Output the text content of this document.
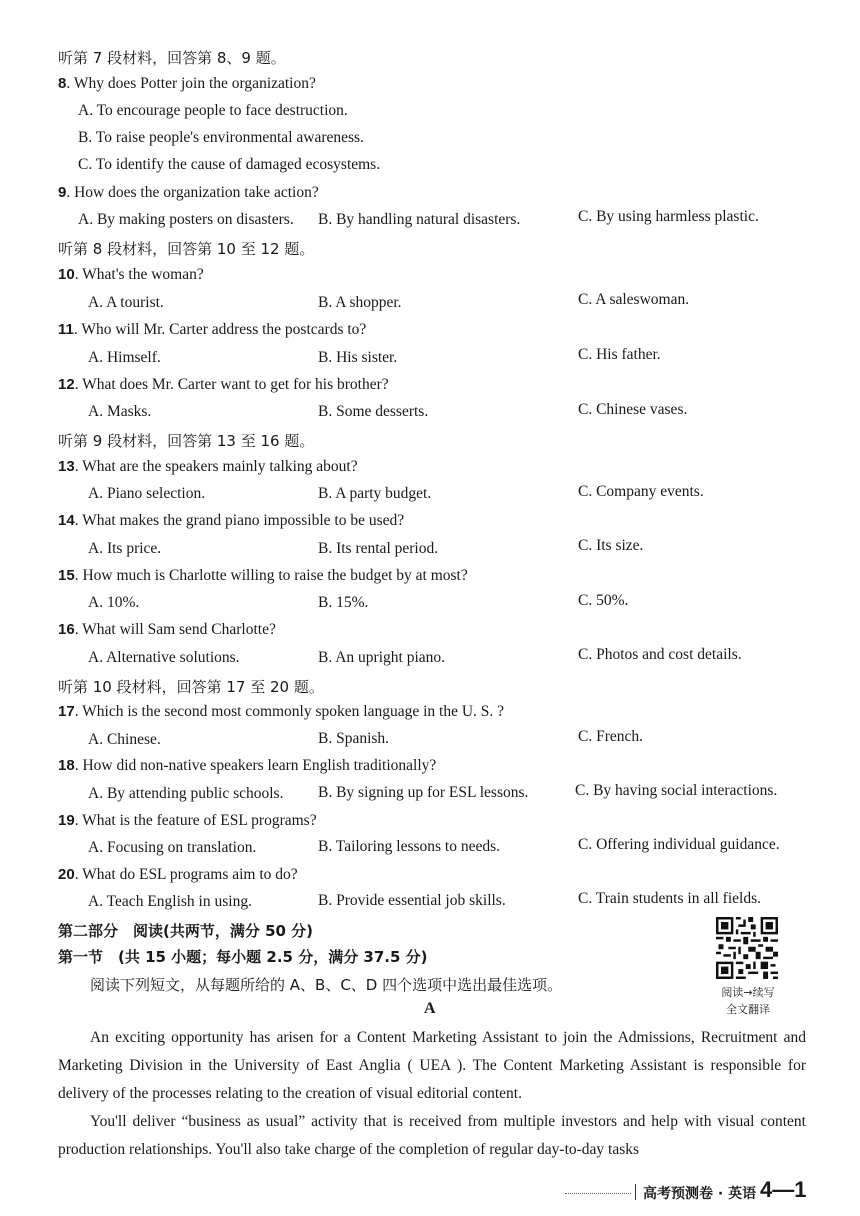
听第 7 段材料，回答第 8、9 题。
8. Why does Potter join the organization?
A. To encourage people to face destruction.
B. To raise people's environmental awareness.
C. To identify the cause of damaged ecosystems.
9. How does the organization take action?
A. By making posters on disasters. B. By handling natural disasters.	C. By using harmless plastic.
听第 8 段材料，回答第 10 至 12 题。
10. What's the woman?
A. A tourist.	B. A shopper.	C. A saleswoman.
11. Who will Mr. Carter address the postcards to?
A. Himself.	B. His sister.	C. His father.
12. What does Mr. Carter want to get for his brother?
A. Masks.	B. Some desserts.	C. Chinese vases.
听第 9 段材料，回答第 13 至 16 题。
13. What are the speakers mainly talking about?
A. Piano selection.	B. A party budget.	C. Company events.
14. What makes the grand piano impossible to be used?
A. Its price.	B. Its rental period.	C. Its size.
15. How much is Charlotte willing to raise the budget by at most?
A. 10%.	B. 15%.	C. 50%.
16. What will Sam send Charlotte?
A. Alternative solutions.	B. An upright piano.	C. Photos and cost details.
听第 10 段材料，回答第 17 至 20 题。
17. Which is the second most commonly spoken language in the U. S. ?
A. Chinese.	B. Spanish.	C. French.
18. How did non-native speakers learn English traditionally?
A. By attending public schools. B. By signing up for ESL lessons.	C. By having social interactions.
19. What is the feature of ESL programs?
A. Focusing on translation.	B. Tailoring lessons to needs.	C. Offering individual guidance.
20. What do ESL programs aim to do?
A. Teach English in using.	B. Provide essential job skills.	C. Train students in all fields.
第二部分　阅读(共两节，满分 50 分)
第一节　(共 15 小题；每小题 2.5 分，满分 37.5 分)
阅读下列短文，从每题所给的 A、B、C、D 四个选项中选出最佳选项。
A
阅读→续写
全文翻译
An exciting opportunity has arisen for a Content Marketing Assistant to join the Admissions, Recruitment and Marketing Division in the University of East Anglia ( UEA ). The Content Marketing Assistant is responsible for delivery of the processes relating to the creation of visual editorial content.
You'll deliver “business as usual” activity that is received from multiple investors and help with visual content production relationships. You'll also take charge of the completion of regular day-to-day tasks
高考预测卷 · 英语 4—1
